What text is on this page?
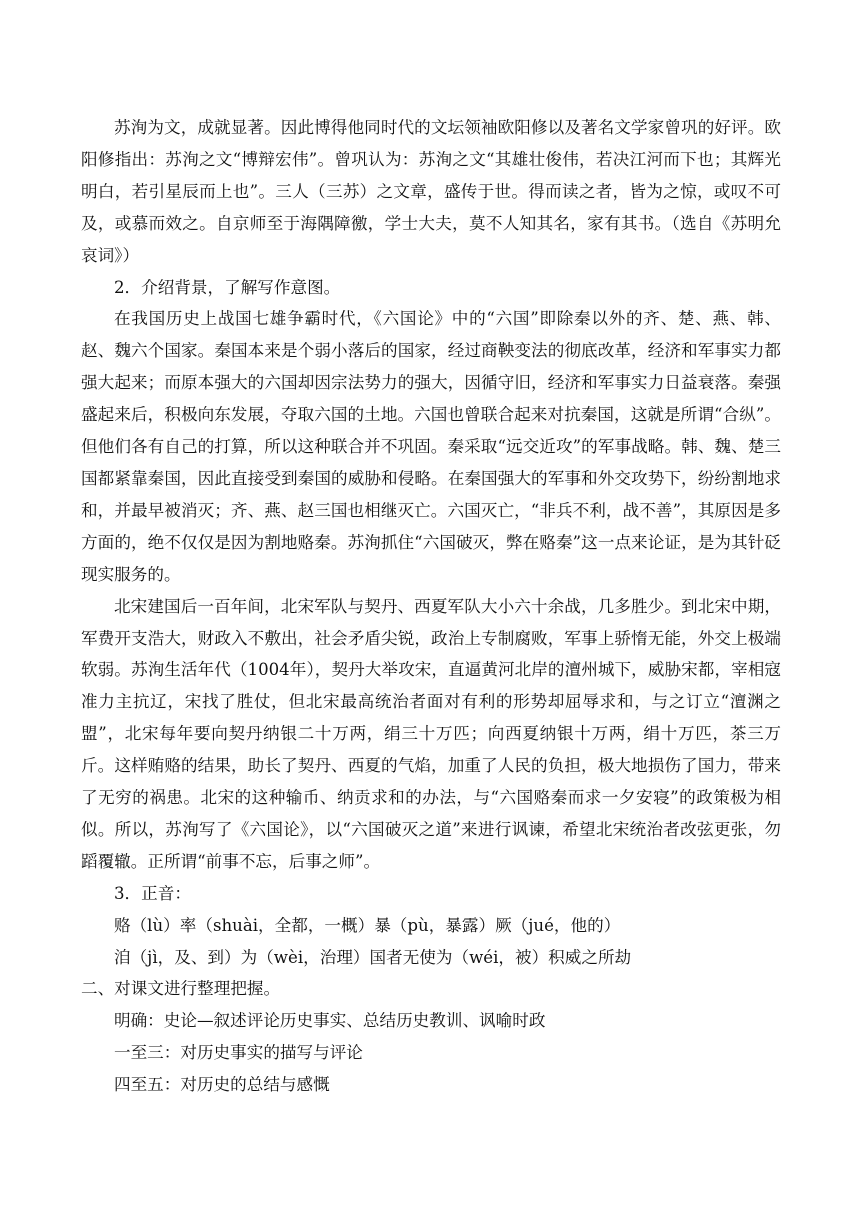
苏洵为文，成就显著。因此博得他同时代的文坛领袖欧阳修以及著名文学家曾巩的好评。欧阳修指出：苏洵之文“博辩宏伟”。曾巩认为：苏洵之文“其雄壮俊伟，若决江河而下也；其辉光明白，若引星辰而上也”。三人（三苏）之文章，盛传于世。得而读之者，皆为之惊，或叹不可及，或慕而效之。自京师至于海隅障徼，学士大夫，莫不人知其名，家有其书。（选自《苏明允哀词》）

2．介绍背景，了解写作意图。

在我国历史上战国七雄争霸时代，《六国论》中的“六国”即除秦以外的齐、楚、燕、韩、赵、魏六个国家。秦国本来是个弱小落后的国家，经过商鞅变法的彻底改革，经济和军事实力都强大起来；而原本强大的六国却因宗法势力的强大，因循守旧，经济和军事实力日益衰落。秦强盛起来后，积极向东发展，夺取六国的土地。六国也曾联合起来对抗秦国，这就是所谓“合纵”。但他们各有自己的打算，所以这种联合并不巩固。秦采取“远交近攻”的军事战略。韩、魏、楚三国都紧靠秦国，因此直接受到秦国的威胁和侵略。在秦国强大的军事和外交攻势下，纷纷割地求和，并最早被消灭；齐、燕、赵三国也相继灭亡。六国灭亡，“非兵不利，战不善”，其原因是多方面的，绝不仅仅是因为割地赂秦。苏洵抓住“六国破灭，弊在赂秦”这一点来论证，是为其针砭现实服务的。

北宋建国后一百年间，北宋军队与契丹、西夏军队大小六十余战，几多胜少。到北宋中期，军费开支浩大，财政入不敷出，社会矛盾尖锐，政治上专制腐败，军事上骄惰无能，外交上极端软弱。苏洵生活年代（1004年），契丹大举攻宋，直逼黄河北岸的澶州城下，威胁宋都，宰相寇准力主抗辽，宋找了胜仗，但北宋最高统治者面对有利的形势却屈辱求和，与之订立“澶渊之盟”，北宋每年要向契丹纳银二十万两，绢三十万匹；向西夏纳银十万两，绢十万匹，茶三万斤。这样贿赂的结果，助长了契丹、西夏的气焰，加重了人民的负担，极大地损伤了国力，带来了无穷的祸患。北宋的这种输币、纳贡求和的办法，与“六国赂秦而求一夕安寝”的政策极为相似。所以，苏洵写了《六国论》，以“六国破灭之道”来进行讽谏，希望北宋统治者改弦更张，勿蹈覆辙。正所谓“前事不忘，后事之师”。

3．正音：

赂（lù）率（shuài，全都，一概）暴（pù，暴露）厥（jué，他的）

洎（jì，及、到）为（wèi，治理）国者无使为（wéi，被）积威之所劫

二、对课文进行整理把握。

明确：史论—叙述评论历史事实、总结历史教训、讽喻时政

一至三：对历史事实的描写与评论

四至五：对历史的总结与感慨
